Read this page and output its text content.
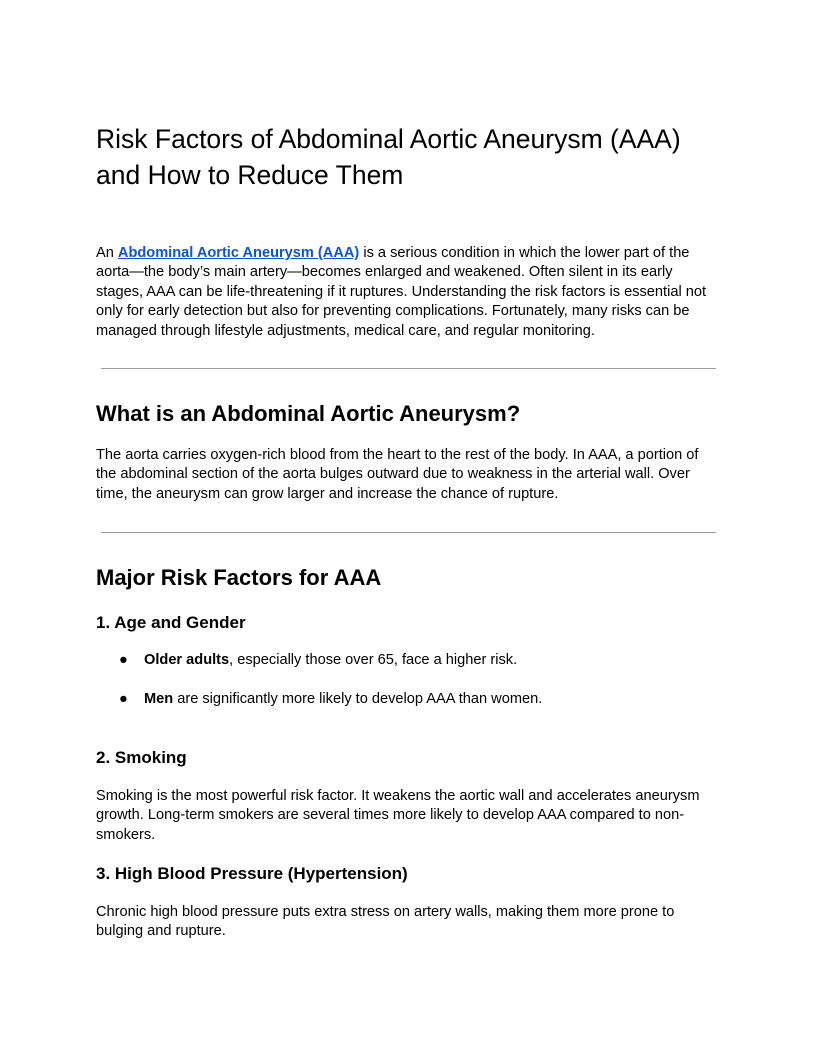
Risk Factors of Abdominal Aortic Aneurysm (AAA)
and How to Reduce Them

An Abdominal Aortic Aneurysm (AAA) is a serious condition in which the lower part of the aorta—the body’s main artery—becomes enlarged and weakened. Often silent in its early stages, AAA can be life-threatening if it ruptures. Understanding the risk factors is essential not only for early detection but also for preventing complications. Fortunately, many risks can be managed through lifestyle adjustments, medical care, and regular monitoring.

What is an Abdominal Aortic Aneurysm?

The aorta carries oxygen-rich blood from the heart to the rest of the body. In AAA, a portion of the abdominal section of the aorta bulges outward due to weakness in the arterial wall. Over time, the aneurysm can grow larger and increase the chance of rupture.

Major Risk Factors for AAA
1. Age and Gender
● Older adults, especially those over 65, face a higher risk.
● Men are significantly more likely to develop AAA than women.
2. Smoking

Smoking is the most powerful risk factor. It weakens the aortic wall and accelerates aneurysm growth. Long-term smokers are several times more likely to develop AAA compared to non-smokers.

3. High Blood Pressure (Hypertension)

Chronic high blood pressure puts extra stress on artery walls, making them more prone to bulging and rupture.
